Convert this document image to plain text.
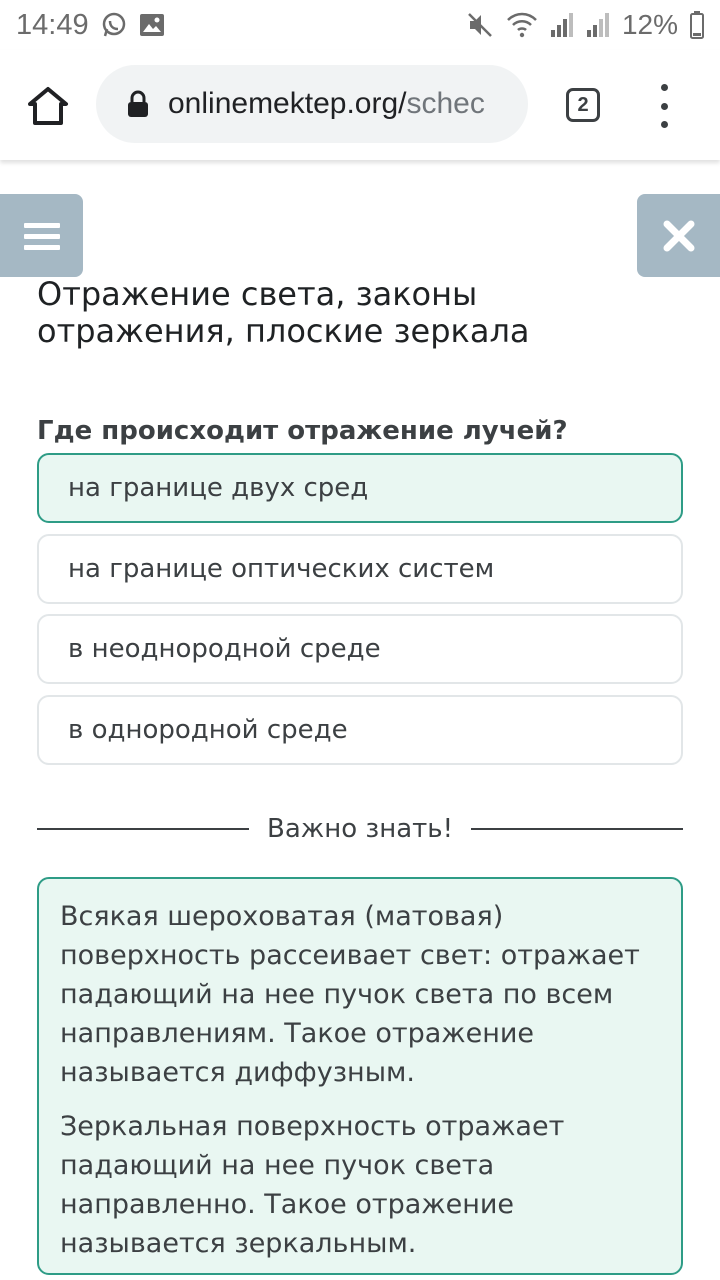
14:49	12%
onlinemektep.org/schec	2
Отражение света, законы отражения, плоские зеркала
Где происходит отражение лучей?
на границе двух сред
на границе оптических систем
в неоднородной среде
в однородной среде
Важно знать!

Всякая шероховатая (матовая) поверхность рассеивает свет: отражает падающий на нее пучок света по всем направлениям. Такое отражение называется диффузным.

Зеркальная поверхность отражает падающий на нее пучок света направленно. Такое отражение называется зеркальным.
